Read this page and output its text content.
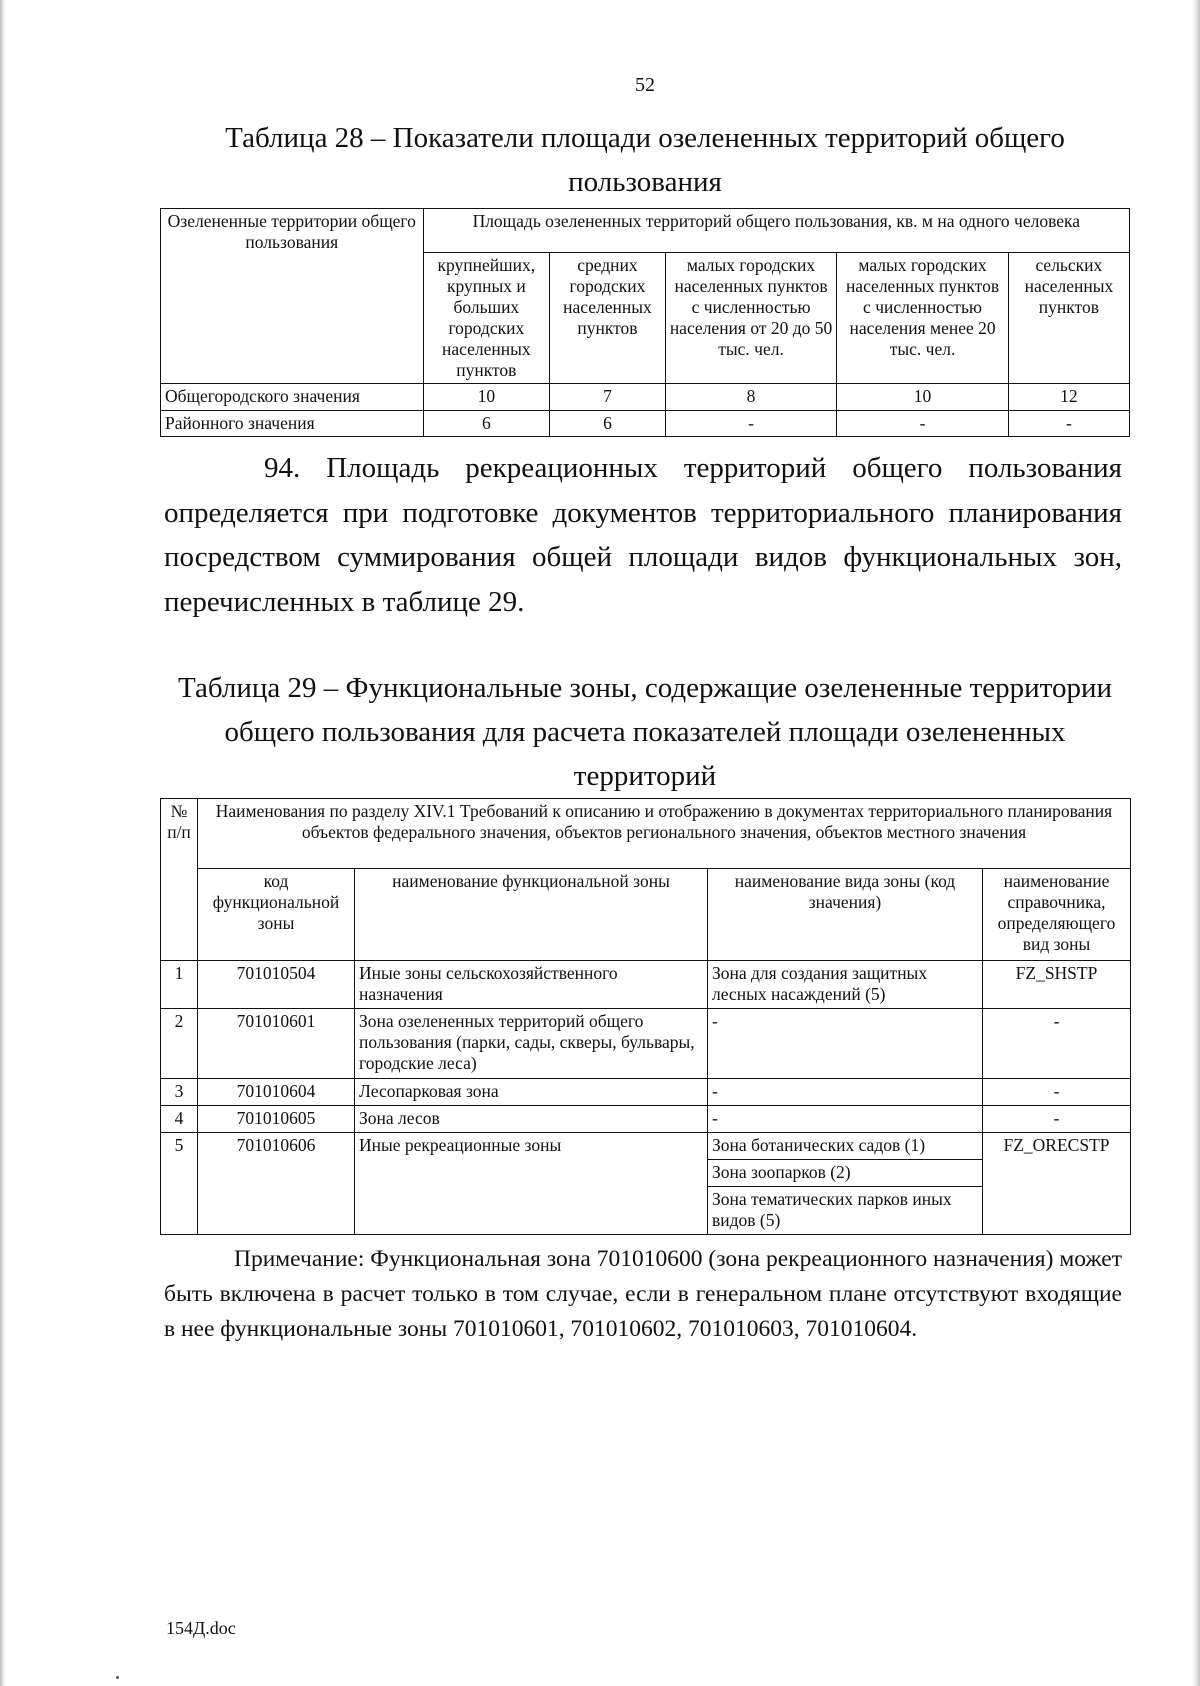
52
Таблица 28 – Показатели площади озелененных территорий общего пользования
Озелененные территории общего пользования	Площадь озелененных территорий общего пользования, кв. м на одного человека				
	крупнейших, крупных и больших городских населенных пунктов	средних городских населенных пунктов	малых городских населенных пунктов с численностью населения от 20 до 50 тыс. чел.	малых городских населенных пунктов с численностью населения менее 20 тыс. чел.	сельских населенных пунктов
Общегородского значения	10	7	8	10	12
Районного значения	6	6	-	-	-
94. Площадь рекреационных территорий общего пользования определяется при подготовке документов территориального планирования посредством суммирования общей площади видов функциональных зон, перечисленных в таблице 29.
Таблица 29 – Функциональные зоны, содержащие озелененные территории общего пользования для расчета показателей площади озелененных территорий
№ п/п	Наименования по разделу XIV.1 Требований к описанию и отображению в документах территориального планирования объектов федерального значения, объектов регионального значения, объектов местного значения			
	код функциональной зоны	наименование функциональной зоны	наименование вида зоны (код значения)	наименование справочника, определяющего вид зоны
1	701010504	Иные зоны сельскохозяйственного назначения	Зона для создания защитных лесных насаждений (5)	FZ_SHSTP
2	701010601	Зона озелененных территорий общего пользования (парки, сады, скверы, бульвары, городские леса)	-	-
3	701010604	Лесопарковая зона	-	-
4	701010605	Зона лесов	-	-
5	701010606	Иные рекреационные зоны	Зона ботанических садов (1)	FZ_ORECSTP
			Зона зоопарков (2)	
			Зона тематических парков иных видов (5)	
Примечание: Функциональная зона 701010600 (зона рекреационного назначения) может быть включена в расчет только в том случае, если в генеральном плане отсутствуют входящие в нее функциональные зоны 701010601, 701010602, 701010603, 701010604.
154Д.doc
